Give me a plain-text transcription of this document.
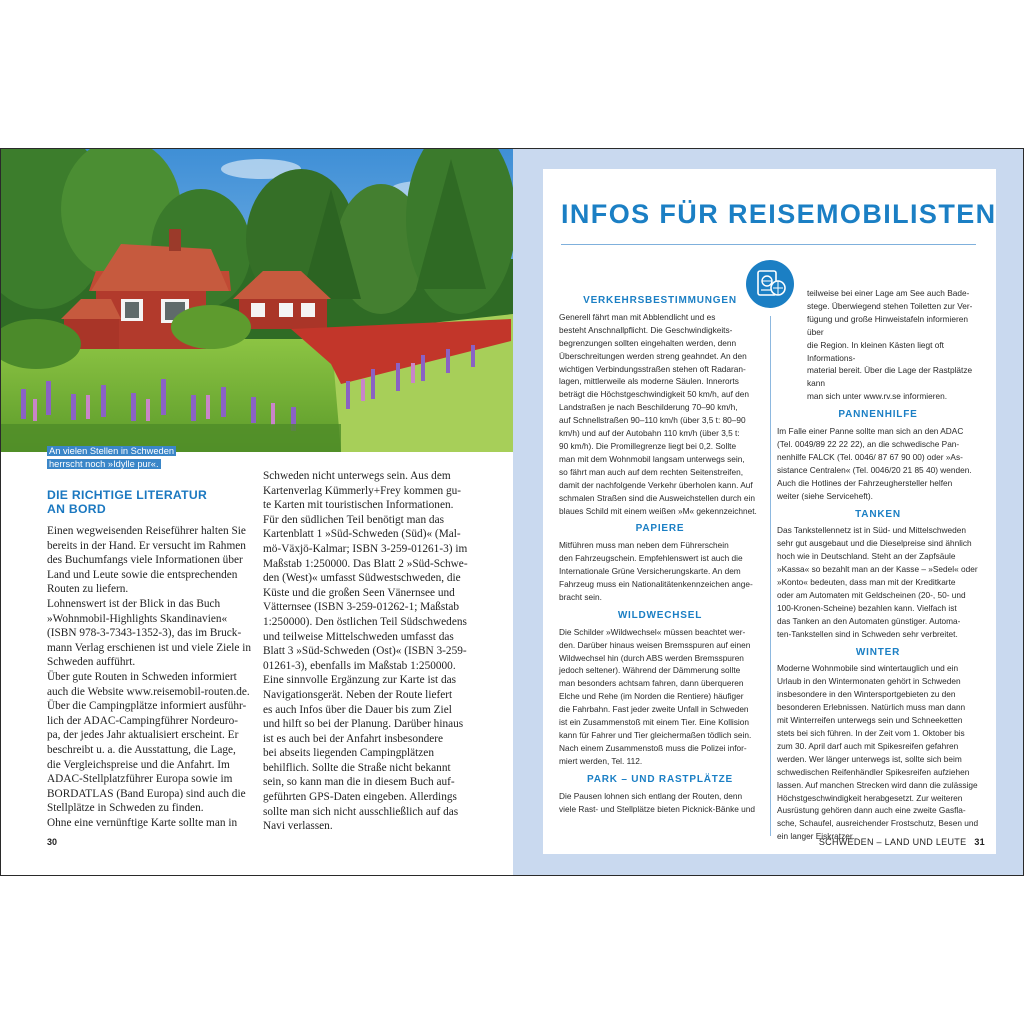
An vielen Stellen in Schweden
herrscht noch »Idylle pur«.
DIE RICHTIGE LITERATUR
AN BORD

Einen wegweisenden Reiseführer halten Sie
bereits in der Hand. Er versucht im Rahmen
des Buchumfangs viele Informationen über
Land und Leute sowie die entsprechenden
Routen zu liefern.
Lohnenswert ist der Blick in das Buch
»Wohnmobil-Highlights Skandinavien«
(ISBN 978-3-7343-1352-3), das im Bruck-
mann Verlag erschienen ist und viele Ziele in
Schweden aufführt.
Über gute Routen in Schweden informiert
auch die Website www.reisemobil-routen.de.
Über die Campingplätze informiert ausführ-
lich der ADAC-Campingführer Nordeuro-
pa, der jedes Jahr aktualisiert erscheint. Er
beschreibt u. a. die Ausstattung, die Lage,
die Vergleichspreise und die Anfahrt. Im
ADAC-Stellplatzführer Europa sowie im
BORDATLAS (Band Europa) sind auch die
Stellplätze in Schweden zu finden.
Ohne eine vernünftige Karte sollte man in

Schweden nicht unterwegs sein. Aus dem
Kartenverlag Kümmerly+Frey kommen gu-
te Karten mit touristischen Informationen.
Für den südlichen Teil benötigt man das
Kartenblatt 1 »Süd-Schweden (Süd)« (Mal-
mö-Växjö-Kalmar; ISBN 3-259-01261-3) im
Maßstab 1:250000. Das Blatt 2 »Süd-Schwe-
den (West)« umfasst Südwestschweden, die
Küste und die großen Seen Vänernsee und
Vätternsee (ISBN 3-259-01262-1; Maßstab
1:250000). Den östlichen Teil Südschwedens
und teilweise Mittelschweden umfasst das
Blatt 3 »Süd-Schweden (Ost)« (ISBN 3-259-
01261-3), ebenfalls im Maßstab 1:250000.
Eine sinnvolle Ergänzung zur Karte ist das
Navigationsgerät. Neben der Route liefert
es auch Infos über die Dauer bis zum Ziel
und hilft so bei der Planung. Darüber hinaus
ist es auch bei der Anfahrt insbesondere
bei abseits liegenden Campingplätzen
behilflich. Sollte die Straße nicht bekannt
sein, so kann man die in diesem Buch auf-
geführten GPS-Daten eingeben. Allerdings
sollte man sich nicht ausschließlich auf das
Navi verlassen.

30
INFOS FÜR REISEMOBILISTEN
VERKEHRSBESTIMMUNGEN

Generell fährt man mit Abblendlicht und es
besteht Anschnallpflicht. Die Geschwindigkeits-
begrenzungen sollten eingehalten werden, denn
Überschreitungen werden streng geahndet. An den
wichtigen Verbindungsstraßen stehen oft Radaran-
lagen, mittlerweile als moderne Säulen. Innerorts
beträgt die Höchstgeschwindigkeit 50 km/h, auf den
Landstraßen je nach Beschilderung 70–90 km/h,
auf Schnellstraßen 90–110 km/h (über 3,5 t: 80–90
km/h) und auf der Autobahn 110 km/h (über 3,5 t:
90 km/h). Die Promillegrenze liegt bei 0,2. Sollte
man mit dem Wohnmobil langsam unterwegs sein,
so fährt man auch auf dem rechten Seitenstreifen,
damit der nachfolgende Verkehr überholen kann. Auf
schmalen Straßen sind die Ausweichstellen durch ein
blaues Schild mit einem weißen »M« gekennzeichnet.

PAPIERE

Mitführen muss man neben dem Führerschein
den Fahrzeugschein. Empfehlenswert ist auch die
Internationale Grüne Versicherungskarte. An dem
Fahrzeug muss ein Nationalitätenkennzeichen ange-
bracht sein.

WILDWECHSEL

Die Schilder »Wildwechsel« müssen beachtet wer-
den. Darüber hinaus weisen Bremsspuren auf einen
Wildwechsel hin (durch ABS werden Bremsspuren
jedoch seltener). Während der Dämmerung sollte
man besonders achtsam fahren, dann überqueren
Elche und Rehe (im Norden die Rentiere) häufiger
die Fahrbahn. Fast jeder zweite Unfall in Schweden
ist ein Zusammenstoß mit einem Tier. Eine Kollision
kann für Fahrer und Tier gleichermaßen tödlich sein.
Nach einem Zusammenstoß muss die Polizei infor-
miert werden, Tel. 112.

PARK – UND RASTPLÄTZE

Die Pausen lohnen sich entlang der Routen, denn
viele Rast- und Stellplätze bieten Picknick-Bänke und

teilweise bei einer Lage am See auch Bade-
stege. Überwiegend stehen Toiletten zur Ver-
fügung und große Hinweistafeln informieren über
die Region. In kleinen Kästen liegt oft Informations-
material bereit. Über die Lage der Rastplätze kann
man sich unter www.rv.se informieren.

PANNENHILFE

Im Falle einer Panne sollte man sich an den ADAC
(Tel. 0049/89 22 22 22), an die schwedische Pan-
nenhilfe FALCK (Tel. 0046/ 87 67 90 00) oder »As-
sistance Centralen« (Tel. 0046/20 21 85 40) wenden.
Auch die Hotlines der Fahrzeughersteller helfen
weiter (siehe Serviceheft).

TANKEN

Das Tankstellennetz ist in Süd- und Mittelschweden
sehr gut ausgebaut und die Dieselpreise sind ähnlich
hoch wie in Deutschland. Steht an der Zapfsäule
»Kassa« so bezahlt man an der Kasse – »Sedel« oder
»Konto« bedeuten, dass man mit der Kreditkarte
oder am Automaten mit Geldscheinen (20-, 50- und
100-Kronen-Scheine) bezahlen kann. Vielfach ist
das Tanken an den Automaten günstiger. Automa-
ten-Tankstellen sind in Schweden sehr verbreitet.

WINTER

Moderne Wohnmobile sind wintertauglich und ein
Urlaub in den Wintermonaten gehört in Schweden
insbesondere in den Wintersportgebieten zu den
besonderen Erlebnissen. Natürlich muss man dann
mit Winterreifen unterwegs sein und Schneeketten
stets bei sich führen. In der Zeit vom 1. Oktober bis
zum 30. April darf auch mit Spikesreifen gefahren
werden. Wer länger unterwegs ist, sollte sich beim
schwedischen Reifenhändler Spikesreifen aufziehen
lassen. Auf manchen Strecken wird dann die zulässige
Höchstgeschwindigkeit herabgesetzt. Zur weiteren
Ausrüstung gehören dann auch eine zweite Gasfla-
sche, Schaufel, ausreichender Frostschutz, Besen und
ein langer Eiskratzer.

SCHWEDEN – LAND UND LEUTE 31
